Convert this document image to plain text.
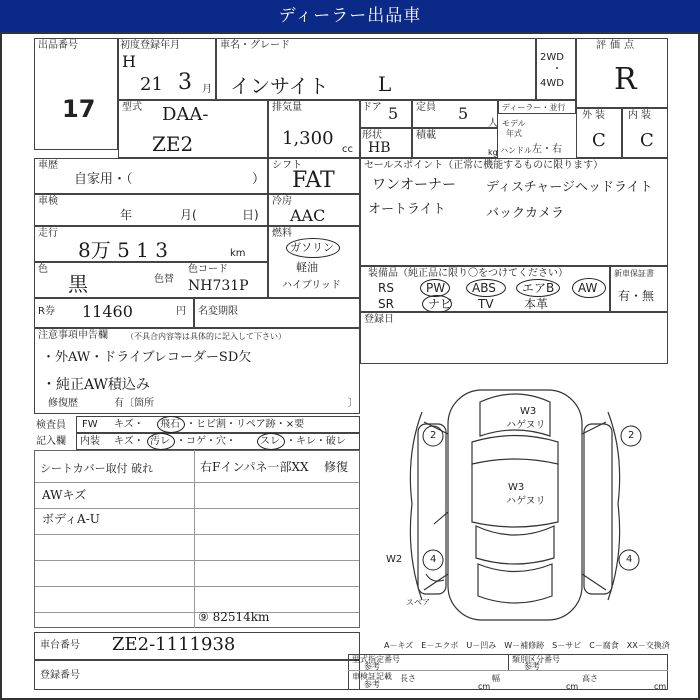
ディーラー出品車
出品番号
17
初度登録年月
H
21 3 月
車名・グレード
インサイト L
2WD
・
4WD
評価点
R
型式 DAA-
ZE2
排気量
1,300
cc
ドア 5 定員 5
人
ディーラー・並行
モデル
年式
形状
HB
積載
kg ハンドル 左・右
外装
C
内装
C
車歴
自家用・（	）
車検
年	月(	日)
走行
8万 5 1 3	km
色
黒	色替
色コード
NH731P
シフト
FAT
冷房
AAC
燃料
ガソリン
軽油
ハイブリッド
セールスポイント（正常に機能するものに限ります）
ワンオーナー ディスチャージヘッドライト
オートライト	バックカメラ
装備品（純正品に限り〇をつけてください）
RS	PW ABS エアB AW
SR	ナビ TV	本革
新車保証書
有・無
R券 11460	円 名変期限
登録日
注意事項申告欄 （不具合内容等は具体的に記入して下さい）
・外AW・ドライブレコーダーSD欠
・純正AW積込み
修復歴	有〔箇所	〕
検査員
記入欄
FW キズ・ 飛石 ・ヒビ割・リペア跡・×要
内装 キズ・ 汚レ ・コゲ・穴・ スレ ・キレ・破レ
シートカバー取付 破れ	右Fインパネ一部XX 修復
AWキズ
ボディA-U
⑨ 82514km
W3
ハゲヌリ
W3
ハゲヌリ
W2
2	2
4	4
スペア
A－キズ　E－エクボ　U－凹み　W－補修跡　S－サビ　C－腐食　XX－交換済
車台番号 ZE2-1111938
登録番号
型式指定番号
参考
類別区分番号
参考
車検証記載
参考
長さ
cm
幅
cm
高さ
cm
